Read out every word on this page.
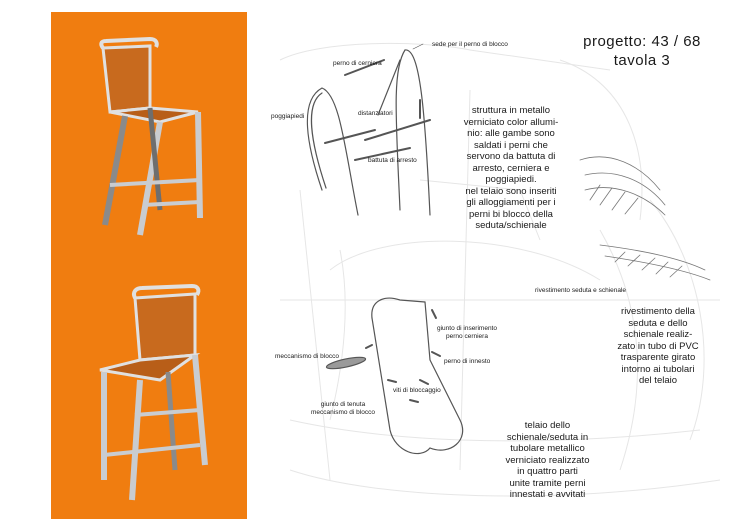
progetto: 43 / 68
tavola 3
sede per il perno di blocco
perno di cerniera
poggiapiedi	distanziatori
battuta di arresto
rivestimento seduta e schienale
giunto di inserimento
perno cerniera
perno di innesto
meccanismo di blocco
viti di bloccaggio
giunto di tenuta
meccanismo di blocco
struttura in metallo
verniciato color allumi-
nio: alle gambe sono
saldati i perni che
servono da battuta di
arresto, cerniera e
poggiapiedi.
nel telaio sono inseriti
gli alloggiamenti per i
perni bi blocco della
seduta/schienale
rivestimento della
seduta e dello
schienale realiz-
zato in tubo di PVC
trasparente girato
intorno ai tubolari
del telaio
telaio dello
schienale/seduta in
tubolare metallico
verniciato realizzato
in quattro parti
unite tramite perni
innestati e avvitati
